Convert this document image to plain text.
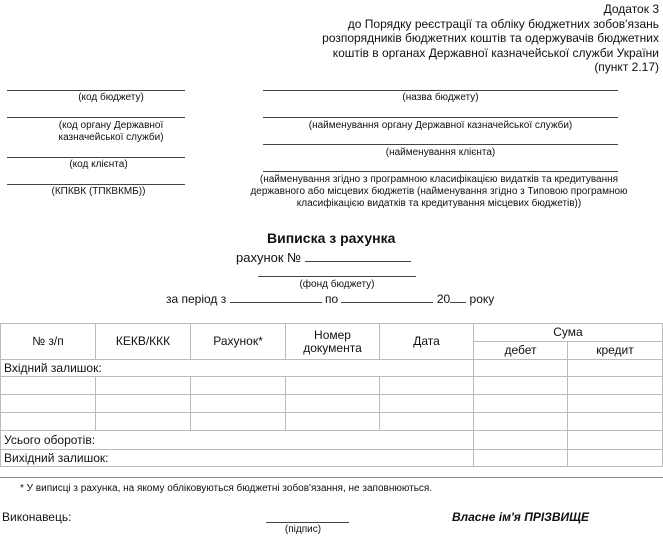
Додаток 3
до Порядку реєстрації та обліку бюджетних зобов'язань
розпорядників бюджетних коштів та одержувачів бюджетних
коштів в органах Державної казначейської служби України
(пункт 2.17)
(код бюджету)
(код органу Державної
казначейської служби)
(код клієнта)
(КПКВК (ТПКВКМБ))
(назва бюджету)
(найменування органу Державної казначейської служби)
(найменування клієнта)
(найменування згідно з програмною класифікацією видатків та кредитування
державного або місцевих бюджетів (найменування згідно з Типовою програмною
класифікацією видатків та кредитування місцевих бюджетів))
Виписка з рахунка
рахунок №
(фонд бюджету)
за період з	по	20 року
№ з/п	КЕКВ/ККК	Рахунок*	Номер документа	Дата	Сума	
					дебет	кредит
Вхідний залишок:						

Усього оборотів:						
Вихідний залишок:						
* У виписці з рахунка, на якому обліковуються бюджетні зобов'язання, не заповнюються.
Виконавець:
(підпис)
Власне ім'я ПРІЗВИЩЕ
